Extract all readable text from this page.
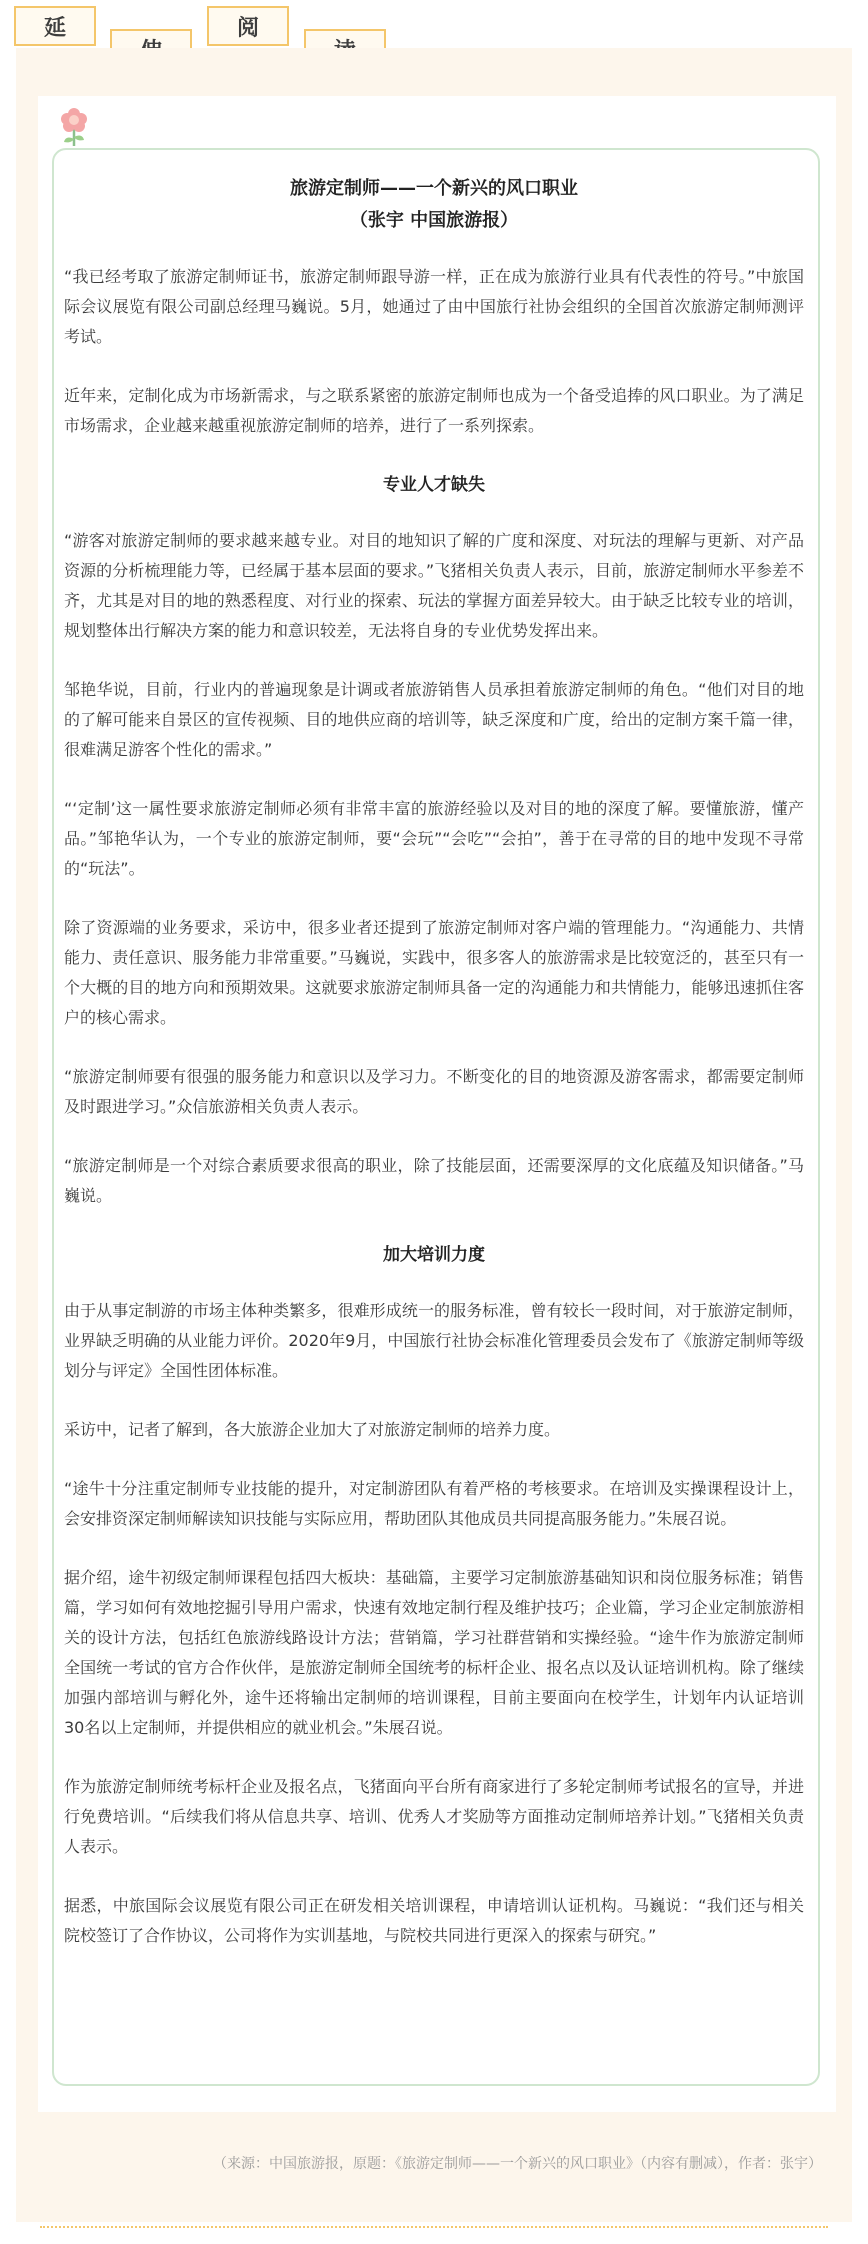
延	阅
旅游定制师——一个新兴的风口职业
（张宇 中国旅游报）

“我已经考取了旅游定制师证书，旅游定制师跟导游一样，正在成为旅游行业具有代表性的符号。”中旅国际会议展览有限公司副总经理马巍说。5月，她通过了由中国旅行社协会组织的全国首次旅游定制师测评考试。

近年来，定制化成为市场新需求，与之联系紧密的旅游定制师也成为一个备受追捧的风口职业。为了满足市场需求，企业越来越重视旅游定制师的培养，进行了一系列探索。

专业人才缺失

“游客对旅游定制师的要求越来越专业。对目的地知识了解的广度和深度、对玩法的理解与更新、对产品资源的分析梳理能力等，已经属于基本层面的要求。”飞猪相关负责人表示，目前，旅游定制师水平参差不齐，尤其是对目的地的熟悉程度、对行业的探索、玩法的掌握方面差异较大。由于缺乏比较专业的培训，规划整体出行解决方案的能力和意识较差，无法将自身的专业优势发挥出来。

邹艳华说，目前，行业内的普遍现象是计调或者旅游销售人员承担着旅游定制师的角色。“他们对目的地的了解可能来自景区的宣传视频、目的地供应商的培训等，缺乏深度和广度，给出的定制方案千篇一律，很难满足游客个性化的需求。”

“‘定制’这一属性要求旅游定制师必须有非常丰富的旅游经验以及对目的地的深度了解。要懂旅游，懂产品。”邹艳华认为，一个专业的旅游定制师，要“会玩”“会吃”“会拍”，善于在寻常的目的地中发现不寻常的“玩法”。

除了资源端的业务要求，采访中，很多业者还提到了旅游定制师对客户端的管理能力。“沟通能力、共情能力、责任意识、服务能力非常重要。”马巍说，实践中，很多客人的旅游需求是比较宽泛的，甚至只有一个大概的目的地方向和预期效果。这就要求旅游定制师具备一定的沟通能力和共情能力，能够迅速抓住客户的核心需求。

“旅游定制师要有很强的服务能力和意识以及学习力。不断变化的目的地资源及游客需求，都需要定制师及时跟进学习。”众信旅游相关负责人表示。

“旅游定制师是一个对综合素质要求很高的职业，除了技能层面，还需要深厚的文化底蕴及知识储备。”马巍说。

加大培训力度

由于从事定制游的市场主体种类繁多，很难形成统一的服务标准，曾有较长一段时间，对于旅游定制师，业界缺乏明确的从业能力评价。2020年9月，中国旅行社协会标准化管理委员会发布了《旅游定制师等级划分与评定》全国性团体标准。

采访中，记者了解到，各大旅游企业加大了对旅游定制师的培养力度。

“途牛十分注重定制师专业技能的提升，对定制游团队有着严格的考核要求。在培训及实操课程设计上，会安排资深定制师解读知识技能与实际应用，帮助团队其他成员共同提高服务能力。”朱展召说。

据介绍，途牛初级定制师课程包括四大板块：基础篇，主要学习定制旅游基础知识和岗位服务标准；销售篇，学习如何有效地挖掘引导用户需求，快速有效地定制行程及维护技巧；企业篇，学习企业定制旅游相关的设计方法，包括红色旅游线路设计方法；营销篇，学习社群营销和实操经验。“途牛作为旅游定制师全国统一考试的官方合作伙伴，是旅游定制师全国统考的标杆企业、报名点以及认证培训机构。除了继续加强内部培训与孵化外，途牛还将输出定制师的培训课程，目前主要面向在校学生，计划年内认证培训30名以上定制师，并提供相应的就业机会。”朱展召说。

作为旅游定制师统考标杆企业及报名点，飞猪面向平台所有商家进行了多轮定制师考试报名的宣导，并进行免费培训。“后续我们将从信息共享、培训、优秀人才奖励等方面推动定制师培养计划。”飞猪相关负责人表示。

据悉，中旅国际会议展览有限公司正在研发相关培训课程，申请培训认证机构。马巍说：“我们还与相关院校签订了合作协议，公司将作为实训基地，与院校共同进行更深入的探索与研究。”

（来源：中国旅游报，原题：《旅游定制师——一个新兴的风口职业》（内容有删减），作者：张宇）
